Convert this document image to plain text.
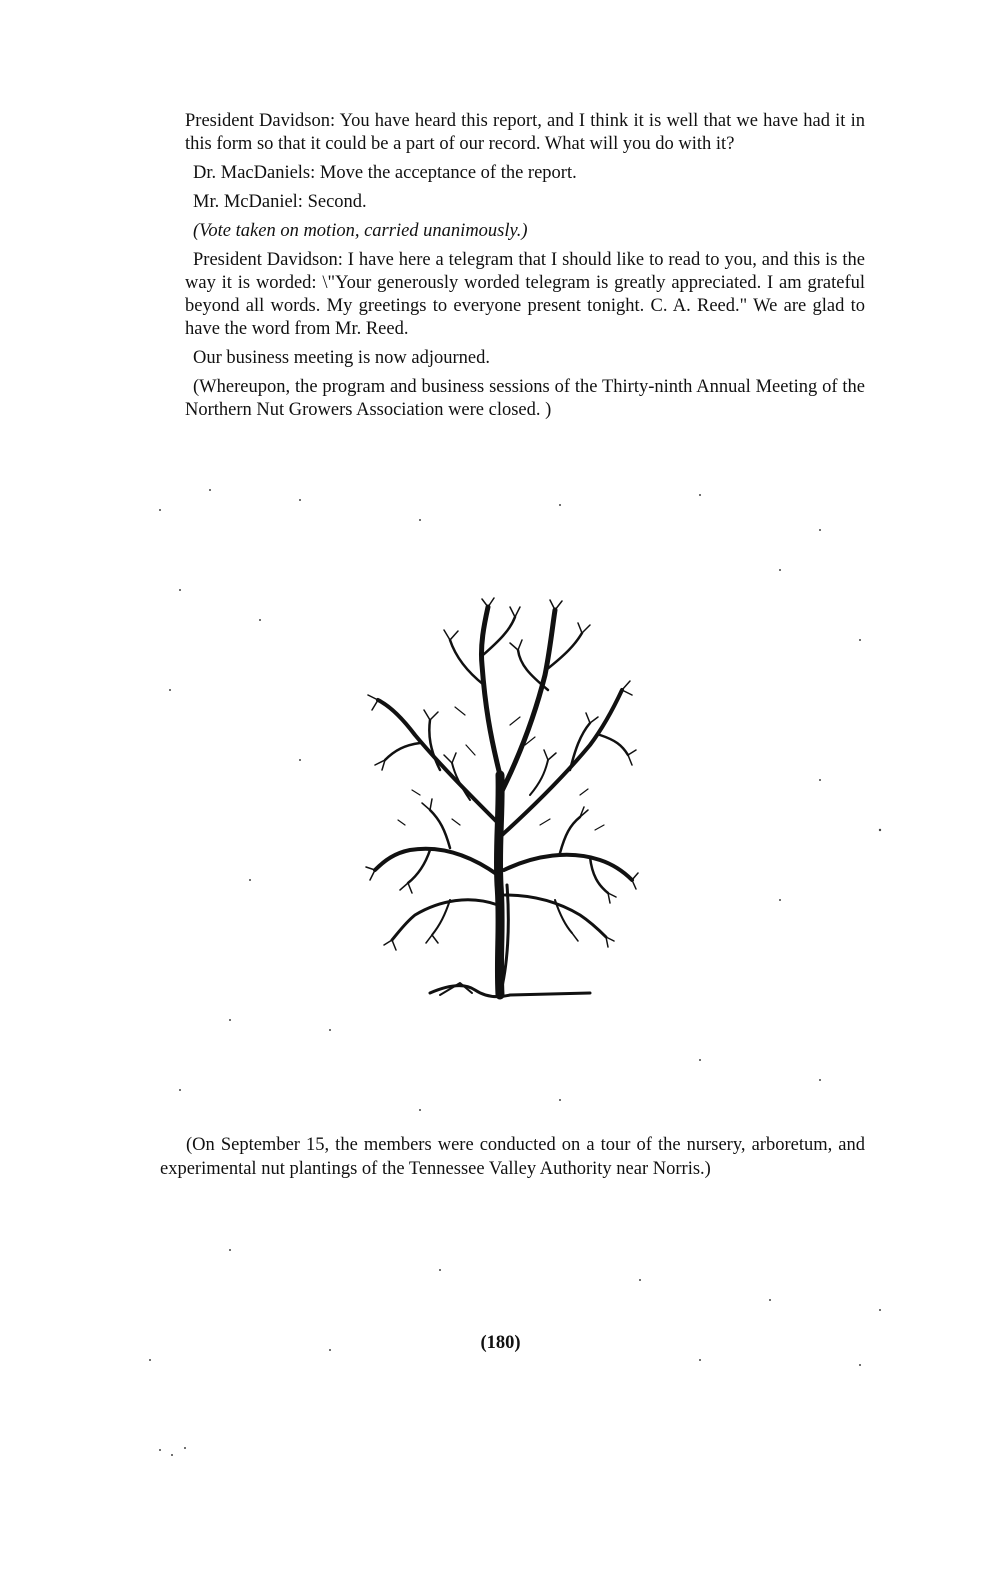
President Davidson: You have heard this report, and I think it is well that we have had it in this form so that it could be a part of our record. What will you do with it?

Dr. MacDaniels: Move the acceptance of the report.

Mr. McDaniel: Second.

(Vote taken on motion, carried unanimously.)

President Davidson: I have here a telegram that I should like to read to you, and this is the way it is worded: \"Your generously worded telegram is greatly appreciated. I am grateful beyond all words. My greetings to everyone present tonight. C. A. Reed." We are glad to have the word from Mr. Reed.

Our business meeting is now adjourned.

(Whereupon, the program and business sessions of the Thirty-ninth Annual Meeting of the Northern Nut Growers Association were closed. )

(On September 15, the members were conducted on a tour of the nursery, arboretum, and experimental nut plantings of the Tennessee Valley Authority near Norris.)

(180)
